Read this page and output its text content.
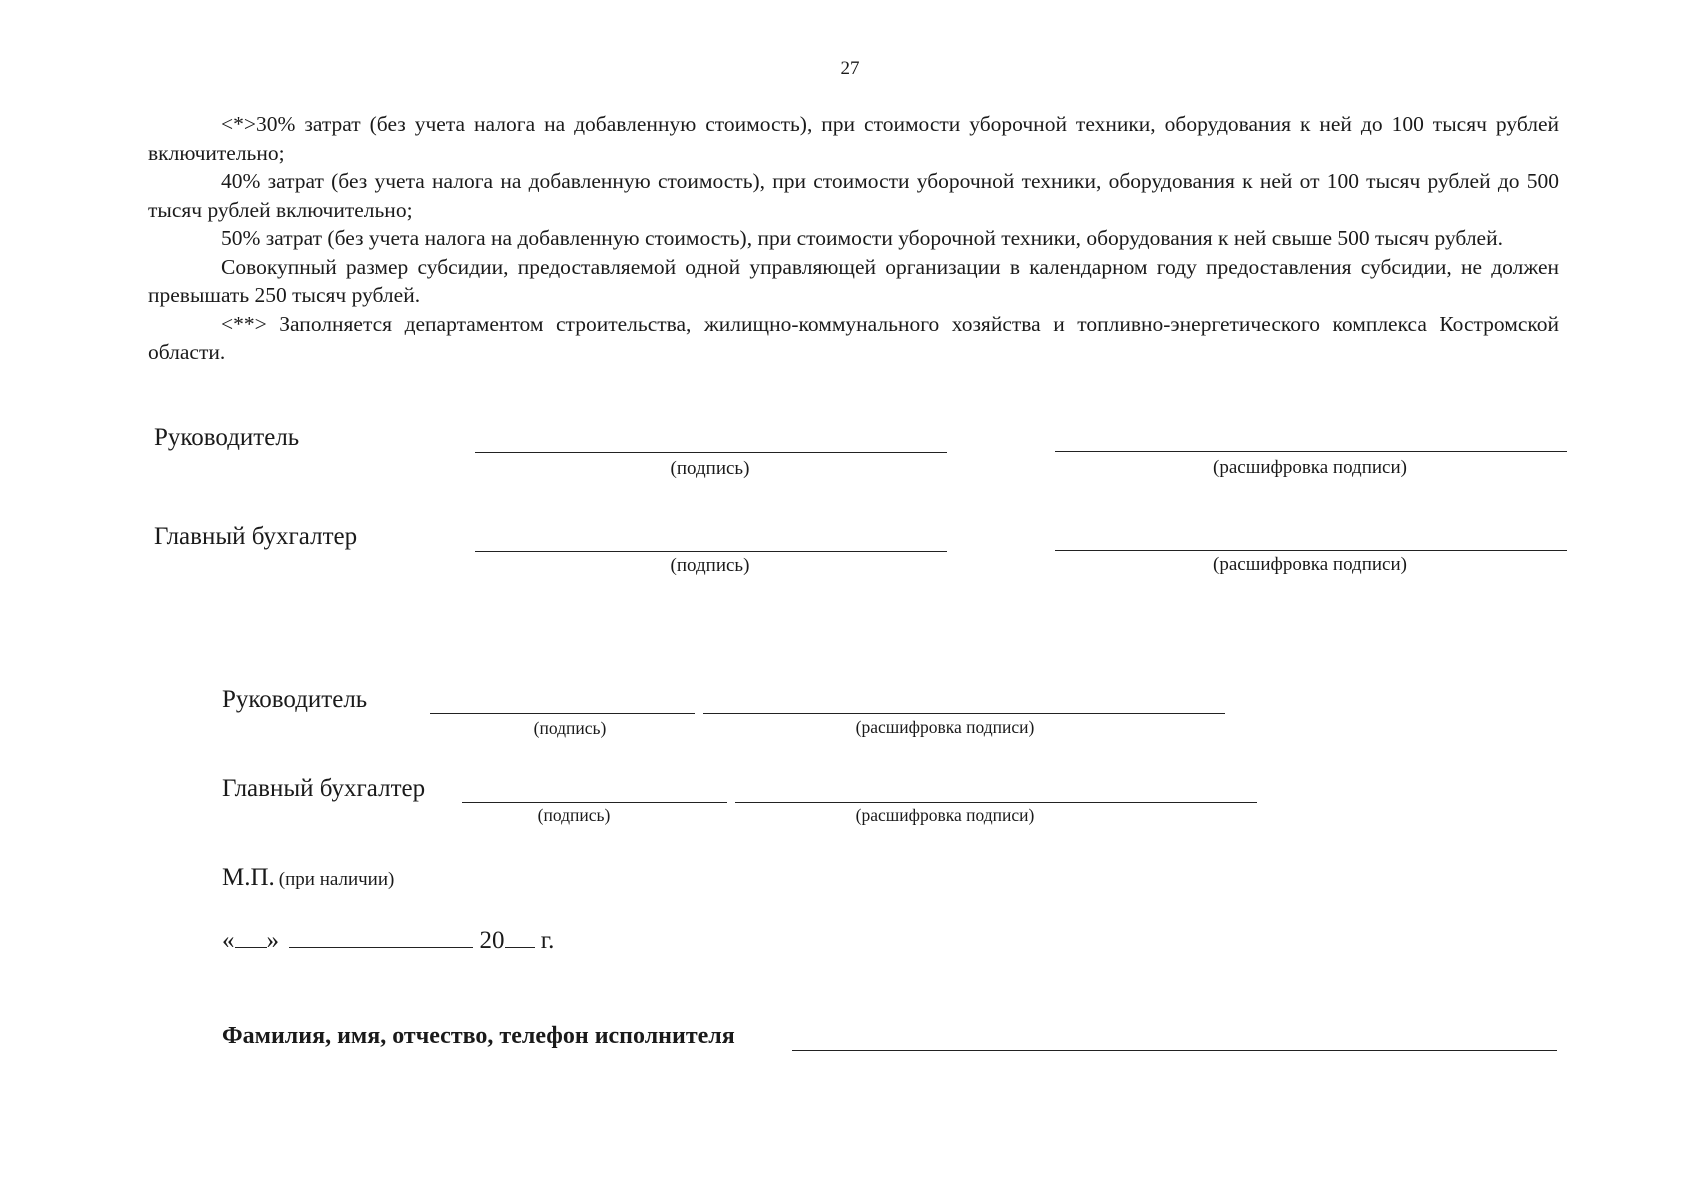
27

<*>30% затрат (без учета налога на добавленную стоимость), при стоимости уборочной техники, оборудования к ней до 100 тысяч рублей включительно;

40% затрат (без учета налога на добавленную стоимость), при стоимости уборочной техники, оборудования к ней от 100 тысяч рублей до 500 тысяч рублей включительно;

50% затрат (без учета налога на добавленную стоимость), при стоимости уборочной техники, оборудования к ней свыше 500 тысяч рублей.

Совокупный размер субсидии, предоставляемой одной управляющей организации в календарном году предоставления субсидии, не должен превышать 250 тысяч рублей.

<**> Заполняется департаментом строительства, жилищно-коммунального хозяйства и топливно-энергетического комплекса Костромской области.

Руководитель
(подпись)	(расшифровка подписи)
Главный бухгалтер
(подпись)	(расшифровка подписи)
Руководитель
(подпись)	(расшифровка подписи)
Главный бухгалтер
(подпись)	(расшифровка подписи)
М.П. (при наличии)
« »	20 г.
Фамилия, имя, отчество, телефон исполнителя
